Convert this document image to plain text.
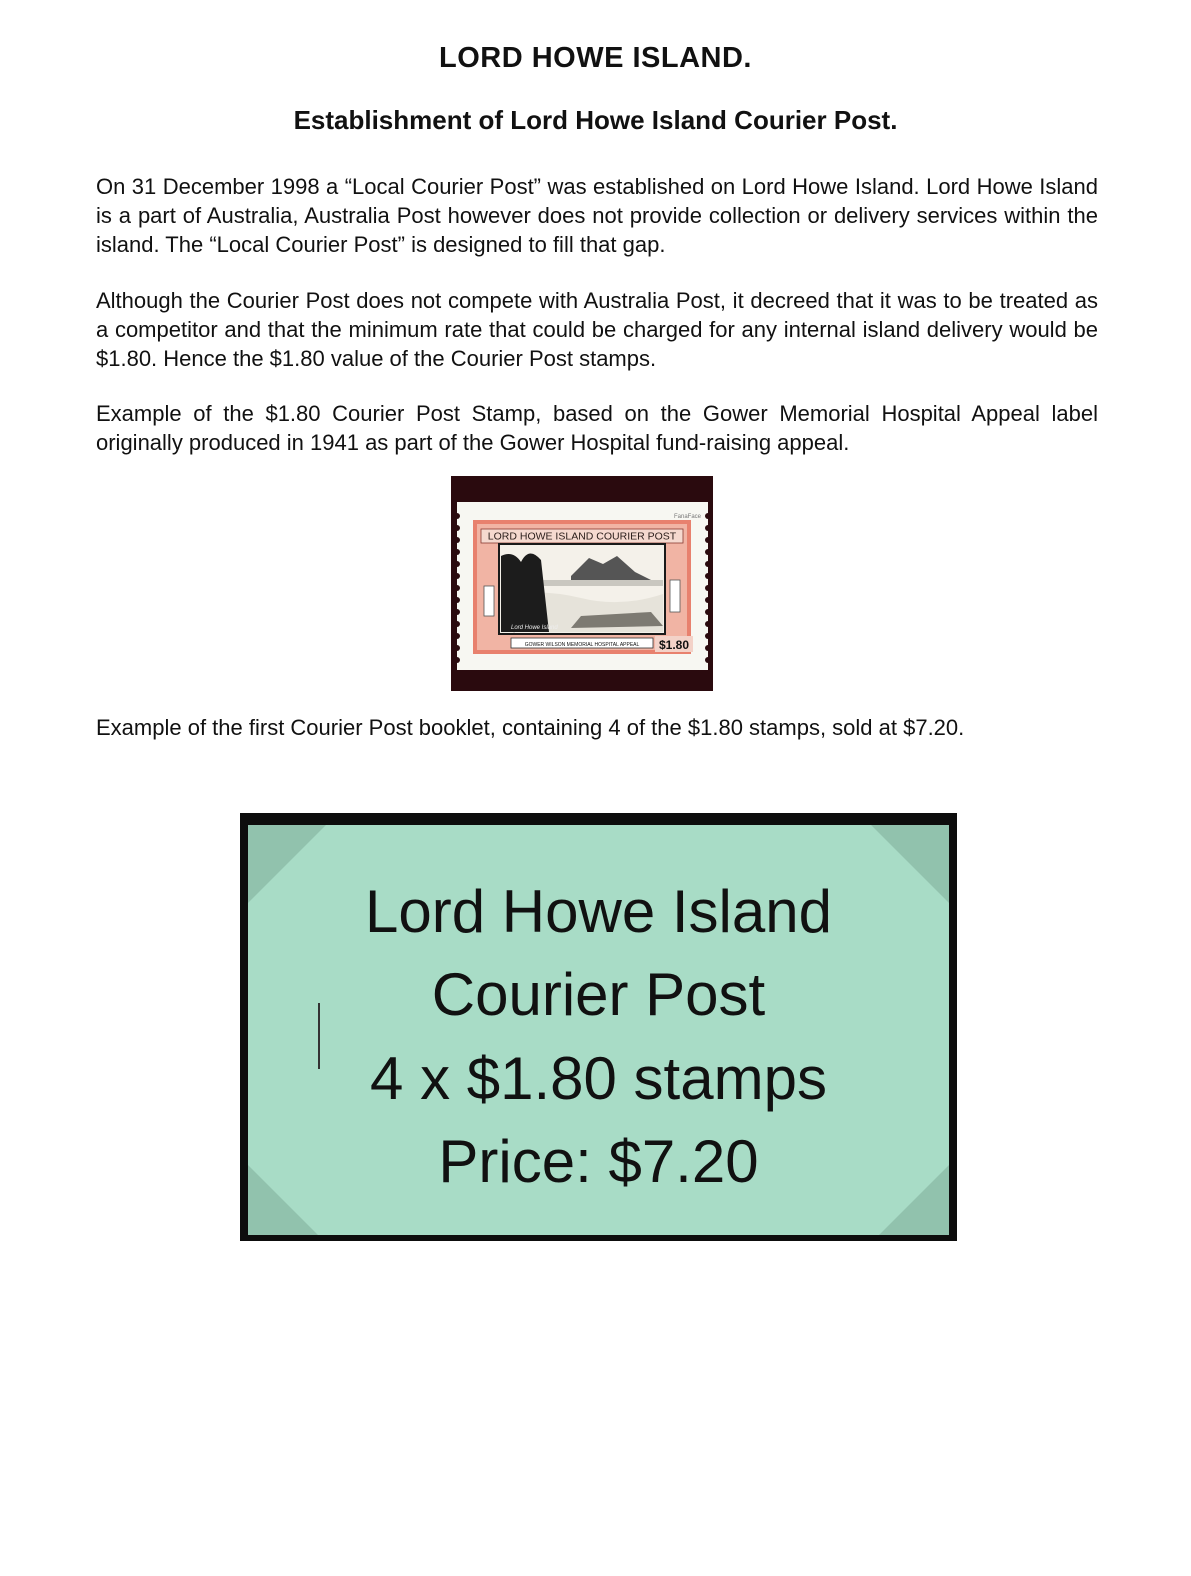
LORD HOWE ISLAND.
Establishment of Lord Howe Island Courier Post.

On 31 December 1998 a “Local Courier Post” was established on Lord Howe Island. Lord Howe Island is a part of Australia, Australia Post however does not provide collection or delivery services within the island. The “Local Courier Post” is designed to fill that gap.

Although the Courier Post does not compete with Australia Post, it decreed that it was to be treated as a competitor and that the minimum rate that could be charged for any internal island delivery would be $1.80. Hence the $1.80 value of the Courier Post stamps.

Example of the $1.80 Courier Post Stamp, based on the Gower Memorial Hospital Appeal label originally produced in 1941 as part of the Gower Hospital fund-raising appeal.

LORD HOWE ISLAND COURIER POST
FanaFace
Lord Howe Island
GOWER WILSON MEMORIAL HOSPITAL APPEAL $1.80

Example of the first Courier Post booklet, containing 4 of the $1.80 stamps, sold at $7.20.

Lord Howe Island
Courier Post
4 x $1.80 stamps
Price: $7.20
